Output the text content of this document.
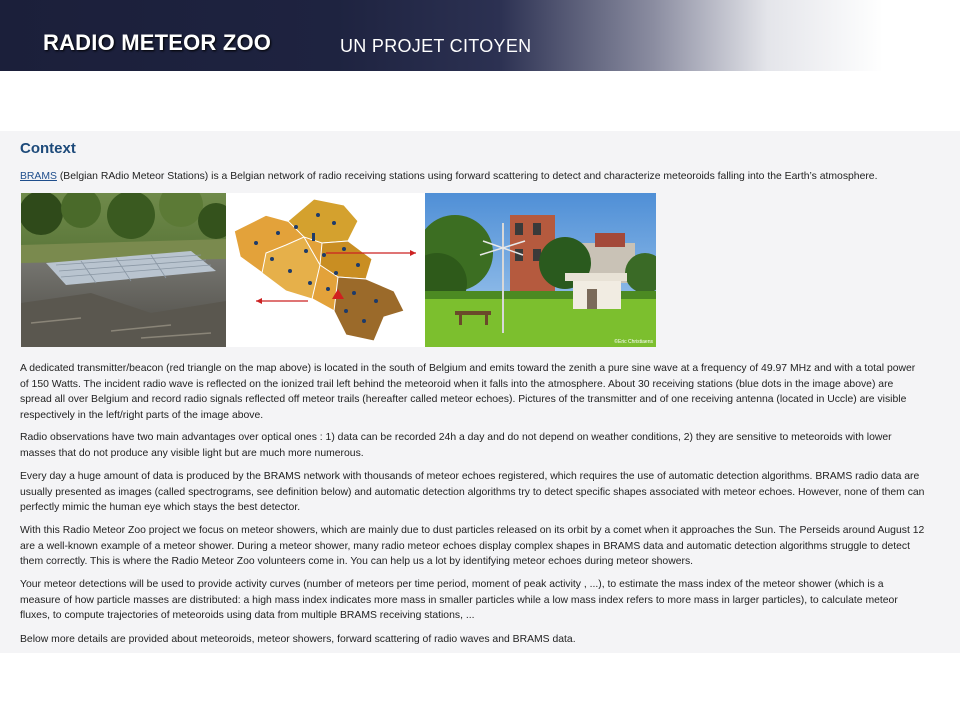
RADIO METEOR ZOO	UN PROJET CITOYEN
Context

BRAMS (Belgian RAdio Meteor Stations) is a Belgian network of radio receiving stations using forward scattering to detect and characterize meteoroids falling into the Earth’s atmosphere.

©Eric Christiaens

A dedicated transmitter/beacon (red triangle on the map above) is located in the south of Belgium and emits toward the zenith a pure sine wave at a frequency of 49.97 MHz and with a total power of 150 Watts. The incident radio wave is reflected on the ionized trail left behind the meteoroid when it falls into the atmosphere. About 30 receiving stations (blue dots in the image above) are spread all over Belgium and record radio signals reflected off meteor trails (hereafter called meteor echoes). Pictures of the transmitter and of one receiving antenna (located in Uccle) are visible respectively in the left/right parts of the image above.

Radio observations have two main advantages over optical ones : 1) data can be recorded 24h a day and do not depend on weather conditions, 2) they are sensitive to meteoroids with lower masses that do not produce any visible light but are much more numerous.

Every day a huge amount of data is produced by the BRAMS network with thousands of meteor echoes registered, which requires the use of automatic detection algorithms. BRAMS radio data are usually presented as images (called spectrograms, see definition below) and automatic detection algorithms try to detect specific shapes associated with meteor echoes. However, none of them can perfectly mimic the human eye which stays the best detector.

With this Radio Meteor Zoo project we focus on meteor showers, which are mainly due to dust particles released on its orbit by a comet when it approaches the Sun. The Perseids around August 12 are a well-known example of a meteor shower. During a meteor shower, many radio meteor echoes display complex shapes in BRAMS data and automatic detection algorithms struggle to detect them correctly. This is where the Radio Meteor Zoo volunteers come in. You can help us a lot by identifying meteor echoes during meteor showers.

Your meteor detections will be used to provide activity curves (number of meteors per time period, moment of peak activity , ...), to estimate the mass index of the meteor shower (which is a measure of how particle masses are distributed: a high mass index indicates more mass in smaller particles while a low mass index refers to more mass in larger particles), to calculate meteor fluxes, to compute trajectories of meteoroids using data from multiple BRAMS receiving stations, ...

Below more details are provided about meteoroids, meteor showers, forward scattering of radio waves and BRAMS data.
